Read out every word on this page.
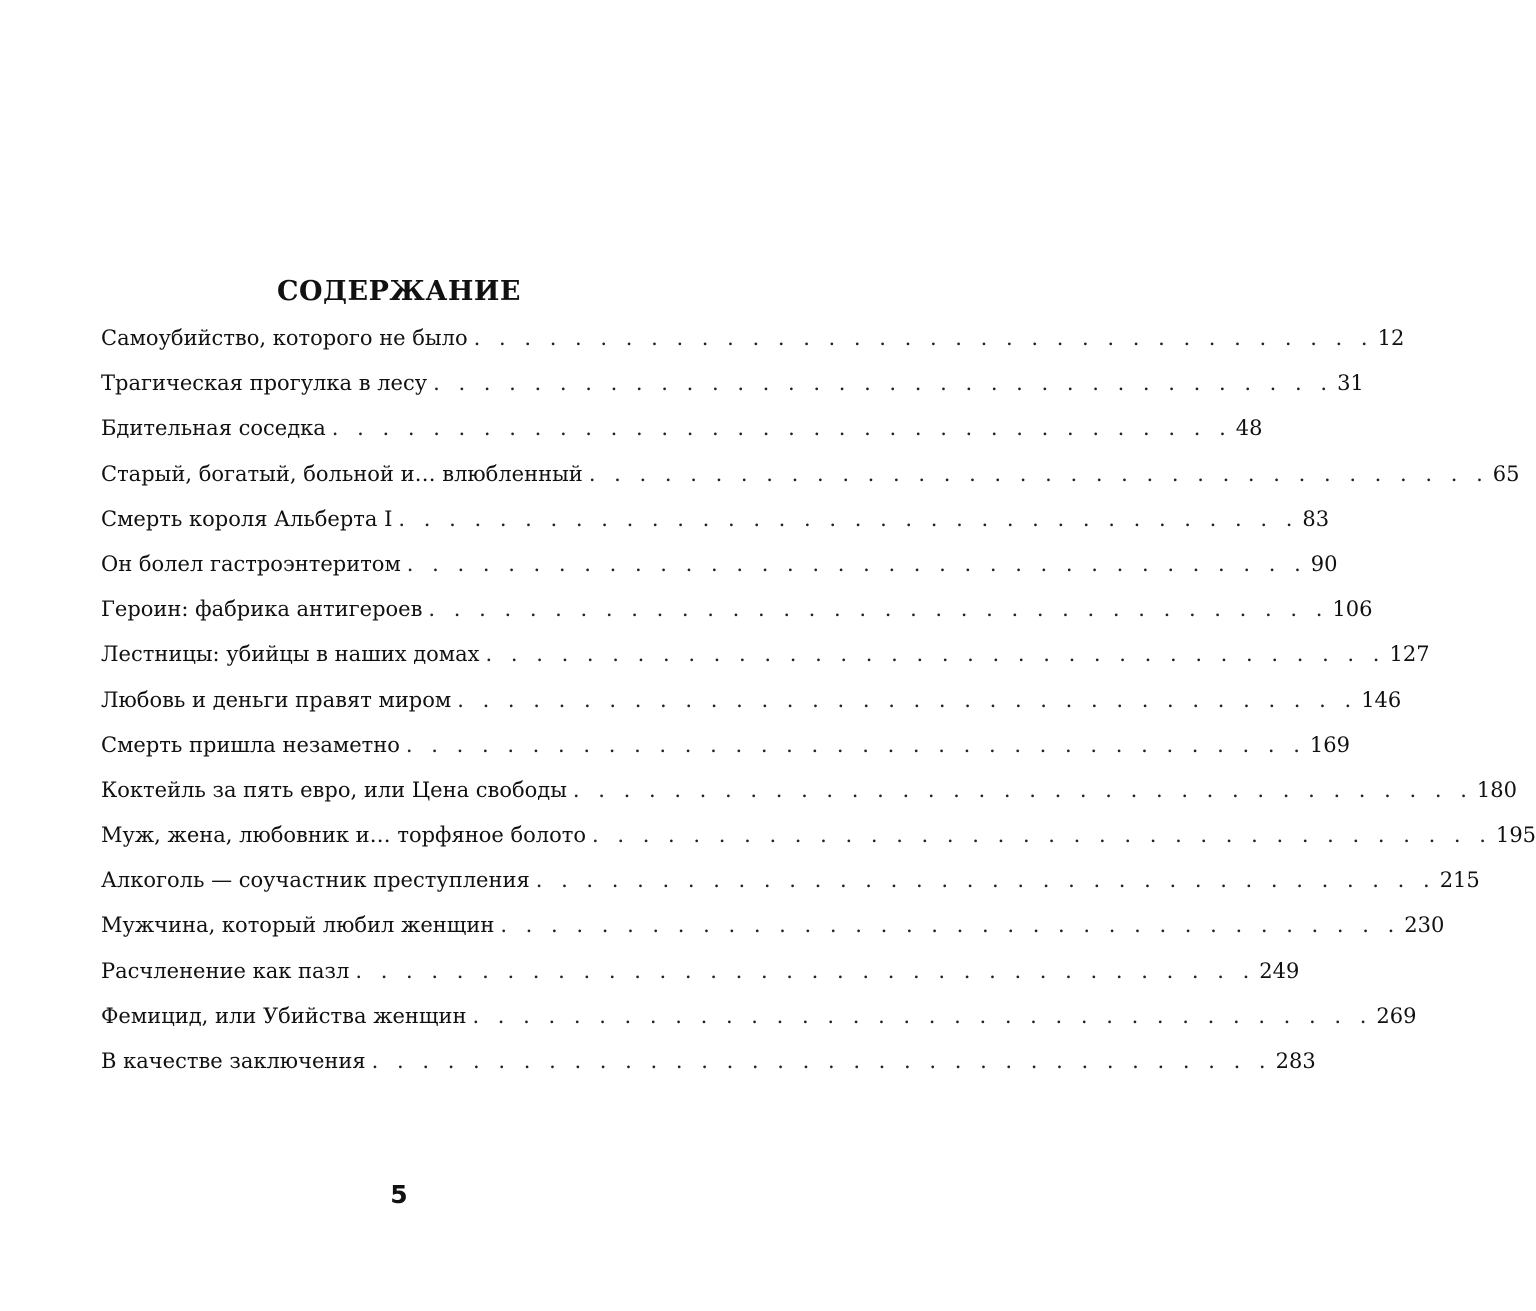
СОДЕРЖАНИЕ
Самоубийство, которого не было . . . . . . . . . . . . . . . . . . . . . . . . . . . . . . . . . . . . 12
Трагическая прогулка в лесу . . . . . . . . . . . . . . . . . . . . . . . . . . . . . . . . . . . . 31
Бдительная соседка . . . . . . . . . . . . . . . . . . . . . . . . . . . . . . . . . . . . 48
Старый, богатый, больной и… влюбленный . . . . . . . . . . . . . . . . . . . . . . . . . . . . . . . . . . . . 65
Смерть короля Альберта I . . . . . . . . . . . . . . . . . . . . . . . . . . . . . . . . . . . . 83
Он болел гастроэнтеритом . . . . . . . . . . . . . . . . . . . . . . . . . . . . . . . . . . . . 90
Героин: фабрика антигероев . . . . . . . . . . . . . . . . . . . . . . . . . . . . . . . . . . . . 106
Лестницы: убийцы в наших домах . . . . . . . . . . . . . . . . . . . . . . . . . . . . . . . . . . . . 127
Любовь и деньги правят миром . . . . . . . . . . . . . . . . . . . . . . . . . . . . . . . . . . . . 146
Смерть пришла незаметно . . . . . . . . . . . . . . . . . . . . . . . . . . . . . . . . . . . . 169
Коктейль за пять евро, или Цена свободы . . . . . . . . . . . . . . . . . . . . . . . . . . . . . . . . . . . . 180
Муж, жена, любовник и… торфяное болото . . . . . . . . . . . . . . . . . . . . . . . . . . . . . . . . . . . . 195
Алкоголь — соучастник преступления . . . . . . . . . . . . . . . . . . . . . . . . . . . . . . . . . . . . 215
Мужчина, который любил женщин . . . . . . . . . . . . . . . . . . . . . . . . . . . . . . . . . . . . 230
Расчленение как пазл . . . . . . . . . . . . . . . . . . . . . . . . . . . . . . . . . . . . 249
Фемицид, или Убийства женщин . . . . . . . . . . . . . . . . . . . . . . . . . . . . . . . . . . . . 269
В качестве заключения . . . . . . . . . . . . . . . . . . . . . . . . . . . . . . . . . . . . 283
5
